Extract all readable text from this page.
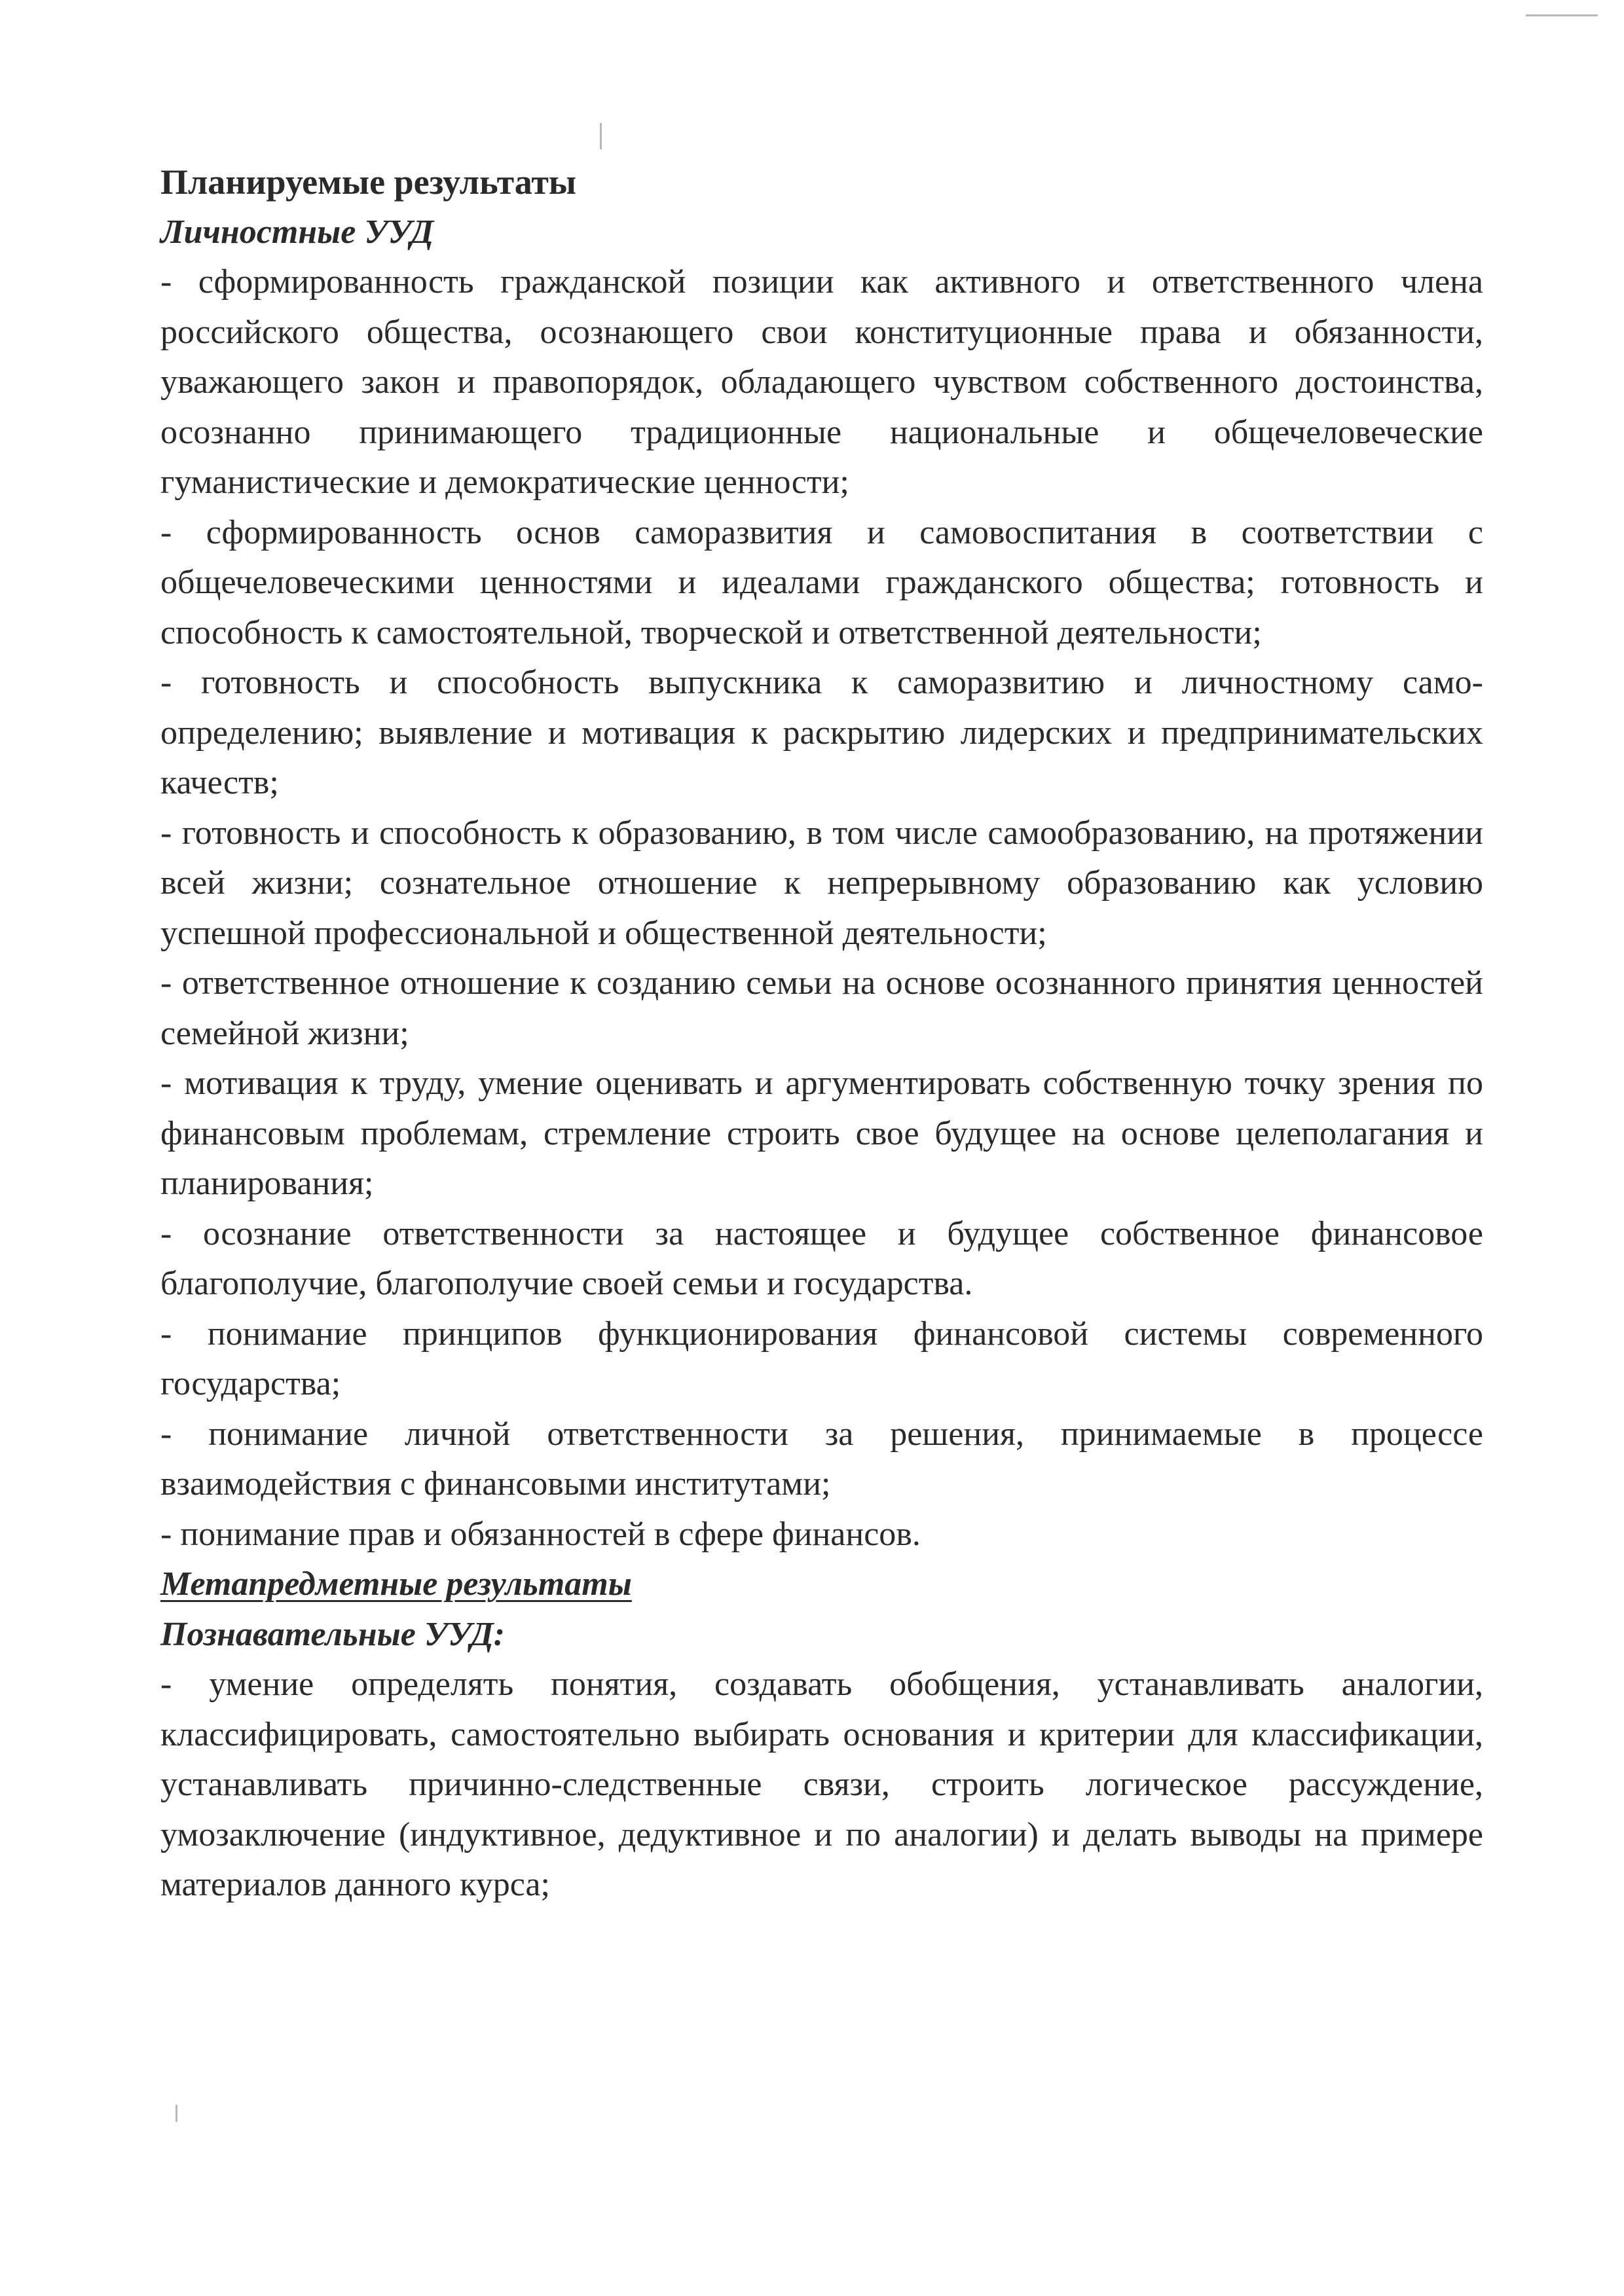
Планируемые результаты

Личностные УУД

- сформированность гражданской позиции как активного и ответственного члена российского общества, осознающего свои конституционные права и обязанности, уважающего закон и правопорядок, обладающего чувством собственного достоинства, осознанно принимающего традиционные национальные и общечеловеческие гуманистические и демократические ценности;

- сформированность основ саморазвития и самовоспитания в соответствии с общечеловеческими ценностями и идеалами гражданского общества; готовность и способность к самостоятельной, творческой и ответственной деятельности;

- готовность и способность выпускника к саморазвитию и личностному самоопределению; выявление и мотивация к раскрытию лидерских и предпринимательских качеств;

- готовность и способность к образованию, в том числе самообразованию, на протяжении всей жизни; сознательное отношение к непрерывному образованию как условию успешной профессиональной и общественной деятельности;

- ответственное отношение к созданию семьи на основе осознанного принятия ценностей семейной жизни;

- мотивация к труду, умение оценивать и аргументировать собственную точку зрения по финансовым проблемам, стремление строить свое будущее на основе целеполагания и планирования;

- осознание ответственности за настоящее и будущее собственное финансовое благополучие, благополучие своей семьи и государства.

- понимание принципов функционирования финансовой системы современного государства;

- понимание личной ответственности за решения, принимаемые в процессе взаимодействия с финансовыми институтами;

- понимание прав и обязанностей в сфере финансов.

Метапредметные результаты

Познавательные УУД:

- умение определять понятия, создавать обобщения, устанавливать аналогии, классифицировать, самостоятельно выбирать основания и критерии для классификации, устанавливать причинно-следственные связи, строить логическое рассуждение, умозаключение (индуктивное, дедуктивное и по аналогии) и делать выводы на примере материалов данного курса;
